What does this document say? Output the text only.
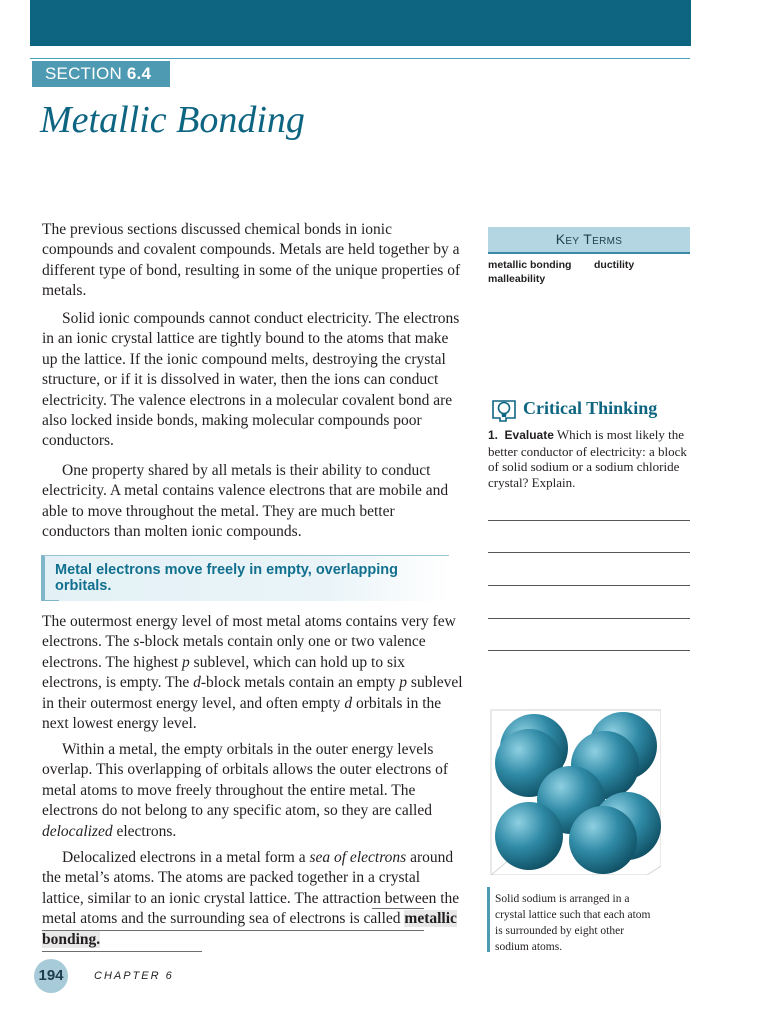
SECTION 6.4
Metallic Bonding

The previous sections discussed chemical bonds in ionic compounds and covalent compounds. Metals are held together by a different type of bond, resulting in some of the unique properties of metals.

Solid ionic compounds cannot conduct electricity. The electrons in an ionic crystal lattice are tightly bound to the atoms that make up the lattice. If the ionic compound melts, destroying the crystal structure, or if it is dissolved in water, then the ions can conduct electricity. The valence electrons in a molecular covalent bond are also locked inside bonds, making molecular compounds poor conductors.

One property shared by all metals is their ability to conduct electricity. A metal contains valence electrons that are mobile and able to move throughout the metal. They are much better conductors than molten ionic compounds.

Metal electrons move freely in empty, overlapping orbitals.

The outermost energy level of most metal atoms contains very few electrons. The s-block metals contain only one or two valence electrons. The highest p sublevel, which can hold up to six electrons, is empty. The d-block metals contain an empty p sublevel in their outermost energy level, and often empty d orbitals in the next lowest energy level.

Within a metal, the empty orbitals in the outer energy levels overlap. This overlapping of orbitals allows the outer electrons of metal atoms to move freely throughout the entire metal. The electrons do not belong to any specific atom, so they are called delocalized electrons.

Delocalized electrons in a metal form a sea of electrons around the metal’s atoms. The atoms are packed together in a crystal lattice, similar to an ionic crystal lattice. The attraction between the metal atoms and the surrounding sea of electrons is called metallic bonding.

Key Terms
metallic bonding ductility
malleability
Critical Thinking

1. Evaluate Which is most likely the better conductor of electricity: a block of solid sodium or a sodium chloride crystal? Explain.

Solid sodium is arranged in a crystal lattice such that each atom is surrounded by eight other sodium atoms.

194	CHAPTER 6
